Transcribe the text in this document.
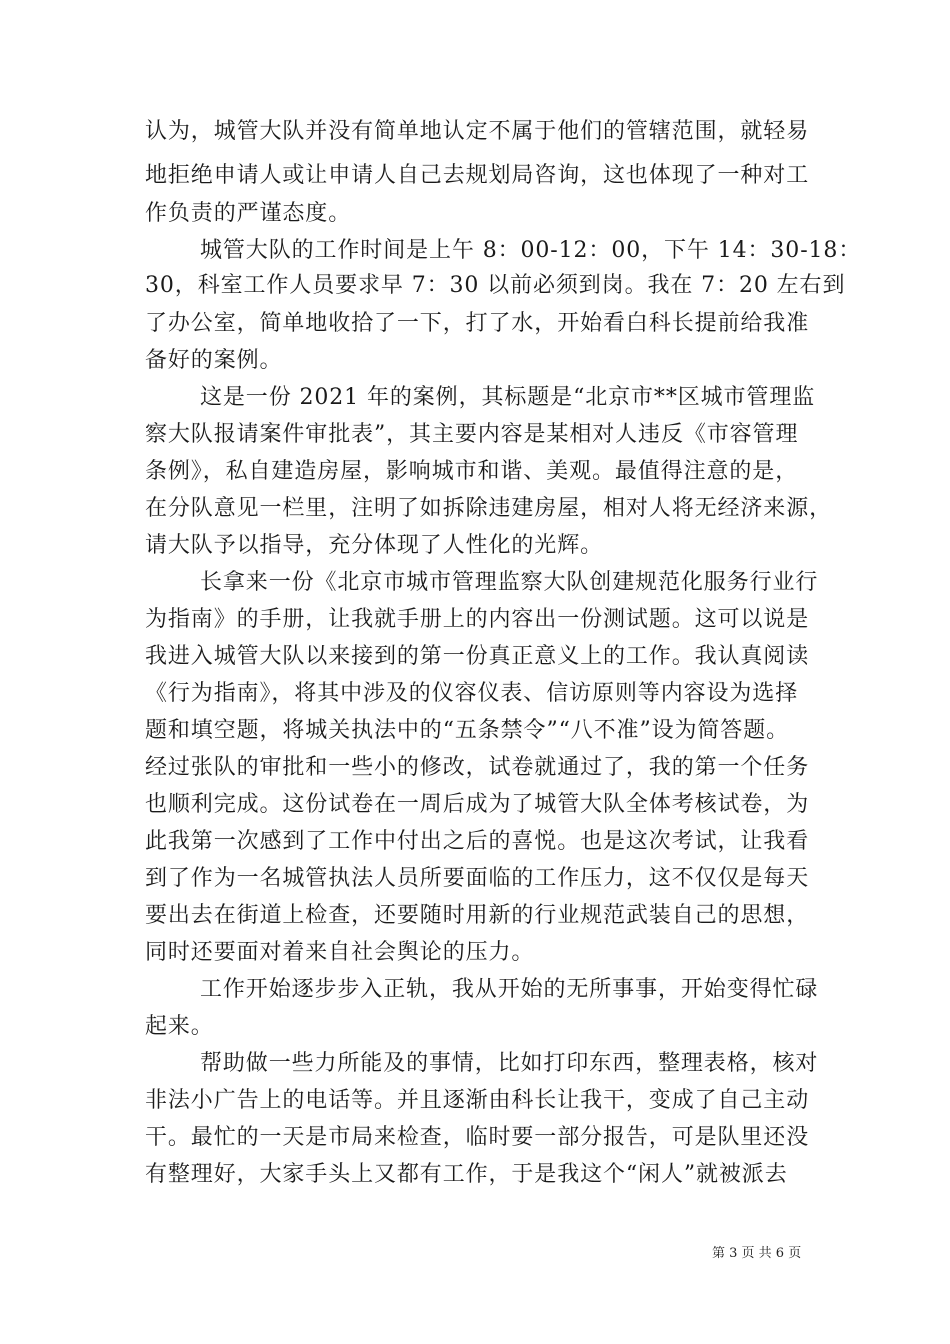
认为，城管大队并没有简单地认定不属于他们的管辖范围，就轻易
地拒绝申请人或让申请人自己去规划局咨询，这也体现了一种对工
作负责的严谨态度。
城管大队的工作时间是上午 8：00-12：00，下午 14：30-18：
30，科室工作人员要求早 7：30 以前必须到岗。我在 7：20 左右到
了办公室，简单地收拾了一下，打了水，开始看白科长提前给我准
备好的案例。
这是一份 2021 年的案例，其标题是“北京市**区城市管理监
察大队报请案件审批表”，其主要内容是某相对人违反《市容管理
条例》，私自建造房屋，影响城市和谐、美观。最值得注意的是，
在分队意见一栏里，注明了如拆除违建房屋，相对人将无经济来源，
请大队予以指导，充分体现了人性化的光辉。
长拿来一份《北京市城市管理监察大队创建规范化服务行业行
为指南》的手册，让我就手册上的内容出一份测试题。这可以说是
我进入城管大队以来接到的第一份真正意义上的工作。我认真阅读
《行为指南》，将其中涉及的仪容仪表、信访原则等内容设为选择
题和填空题，将城关执法中的“五条禁令”“八不准”设为简答题。
经过张队的审批和一些小的修改，试卷就通过了，我的第一个任务
也顺利完成。这份试卷在一周后成为了城管大队全体考核试卷，为
此我第一次感到了工作中付出之后的喜悦。也是这次考试，让我看
到了作为一名城管执法人员所要面临的工作压力，这不仅仅是每天
要出去在街道上检查，还要随时用新的行业规范武装自己的思想，
同时还要面对着来自社会舆论的压力。
工作开始逐步步入正轨，我从开始的无所事事，开始变得忙碌
起来。
帮助做一些力所能及的事情，比如打印东西，整理表格，核对
非法小广告上的电话等。并且逐渐由科长让我干，变成了自己主动
干。最忙的一天是市局来检查，临时要一部分报告，可是队里还没
有整理好，大家手头上又都有工作，于是我这个“闲人”就被派去
第 3 页 共 6 页
